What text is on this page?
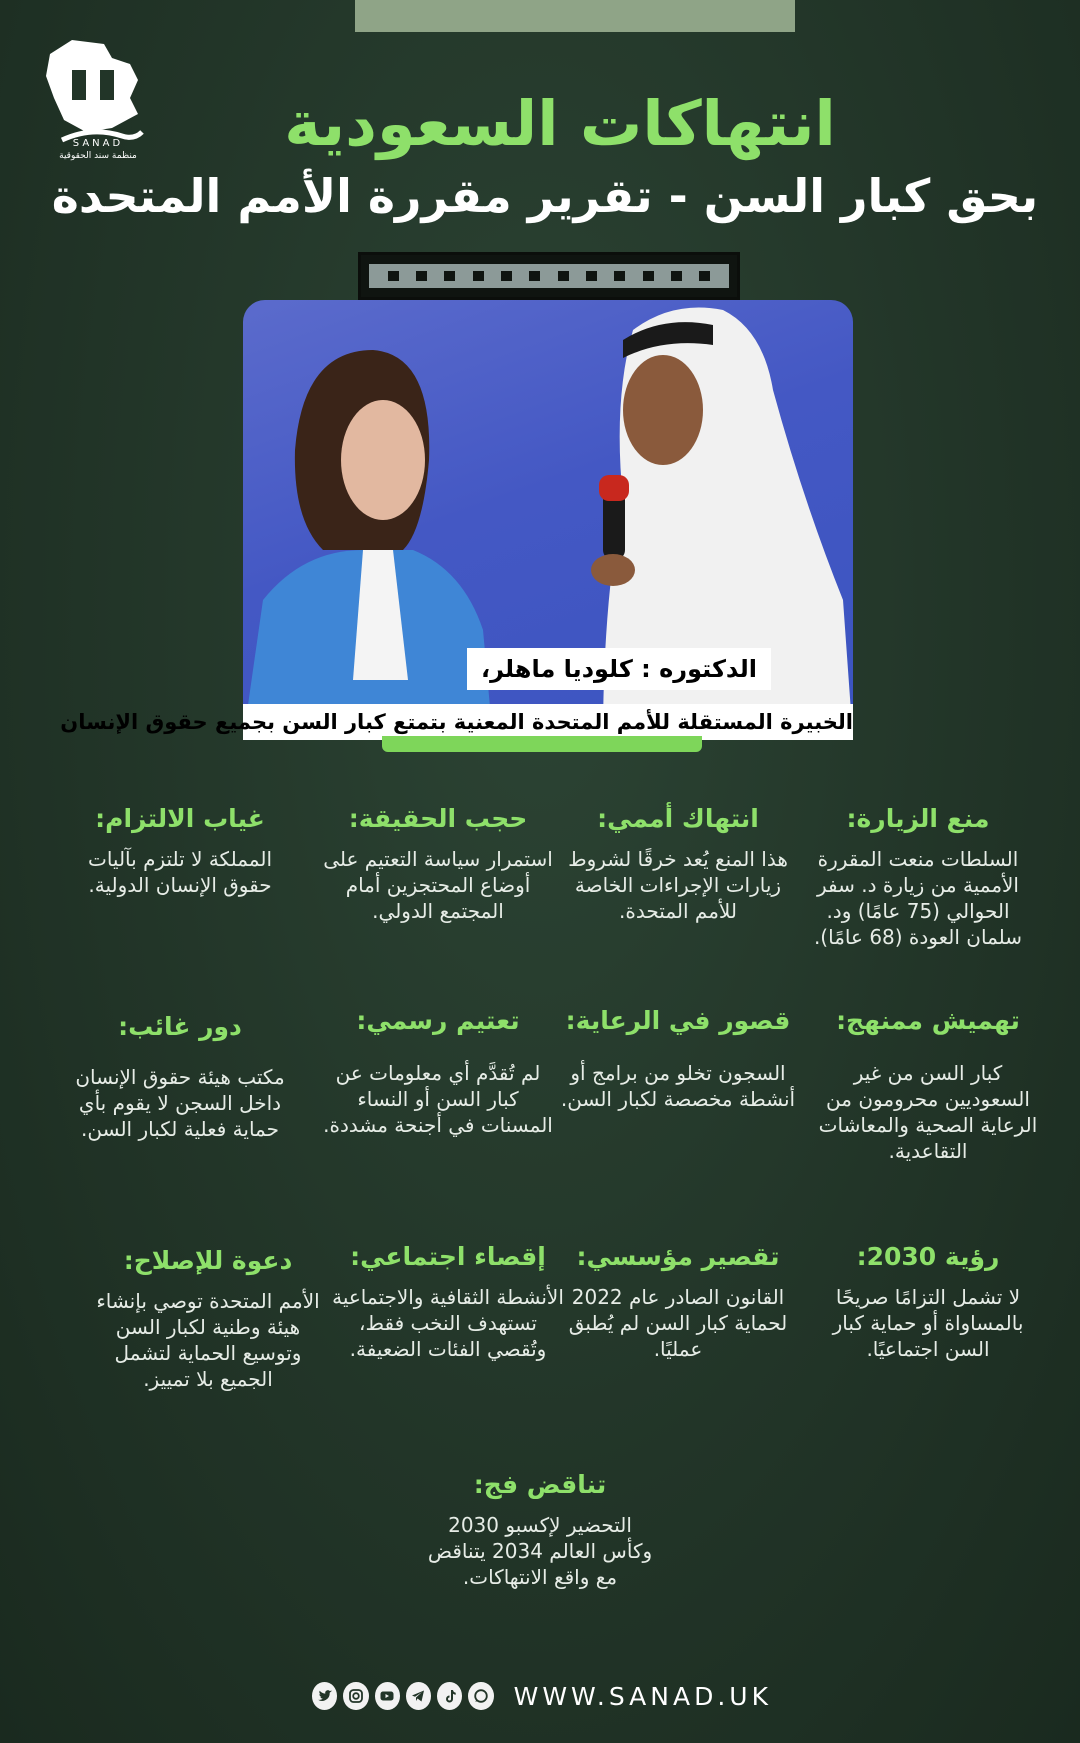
SANAD
منظمة سند الحقوقية	انتهاكات السعودية
بحق كبار السن - تقرير مقررة الأمم المتحدة
الدكتوره : كلوديا ماهلر،
الخبيرة المستقلة للأمم المتحدة المعنية بتمتع كبار السن بجميع حقوق الإنسان
منع الزيارة:
السلطات منعت المقررة الأممية من زيارة د. سفر الحوالي (75 عامًا) ود. سلمان العودة (68 عامًا).
انتهاك أممي:
هذا المنع يُعد خرقًا لشروط زيارات الإجراءات الخاصة للأمم المتحدة.
حجب الحقيقة:
استمرار سياسة التعتيم على أوضاع المحتجزين أمام المجتمع الدولي.
غياب الالتزام:
المملكة لا تلتزم بآليات حقوق الإنسان الدولية.
تهميش ممنهج:
كبار السن من غير السعوديين محرومون من الرعاية الصحية والمعاشات التقاعدية.
قصور في الرعاية:
السجون تخلو من برامج أو أنشطة مخصصة لكبار السن.
تعتيم رسمي:
لم تُقدَّم أي معلومات عن كبار السن أو النساء المسنات في أجنحة مشددة.
دور غائب:
مكتب هيئة حقوق الإنسان داخل السجن لا يقوم بأي حماية فعلية لكبار السن.
رؤية 2030:
لا تشمل التزامًا صريحًا بالمساواة أو حماية كبار السن اجتماعيًا.
تقصير مؤسسي:
القانون الصادر عام 2022 لحماية كبار السن لم يُطبق عمليًا.
إقصاء اجتماعي:
الأنشطة الثقافية والاجتماعية تستهدف النخب فقط، وتُقصي الفئات الضعيفة.
دعوة للإصلاح:
الأمم المتحدة توصي بإنشاء هيئة وطنية لكبار السن وتوسيع الحماية لتشمل الجميع بلا تمييز.
تناقض فج:
التحضير لإكسبو 2030 وكأس العالم 2034 يتناقض مع واقع الانتهاكات.
WWW.SANAD.UK
